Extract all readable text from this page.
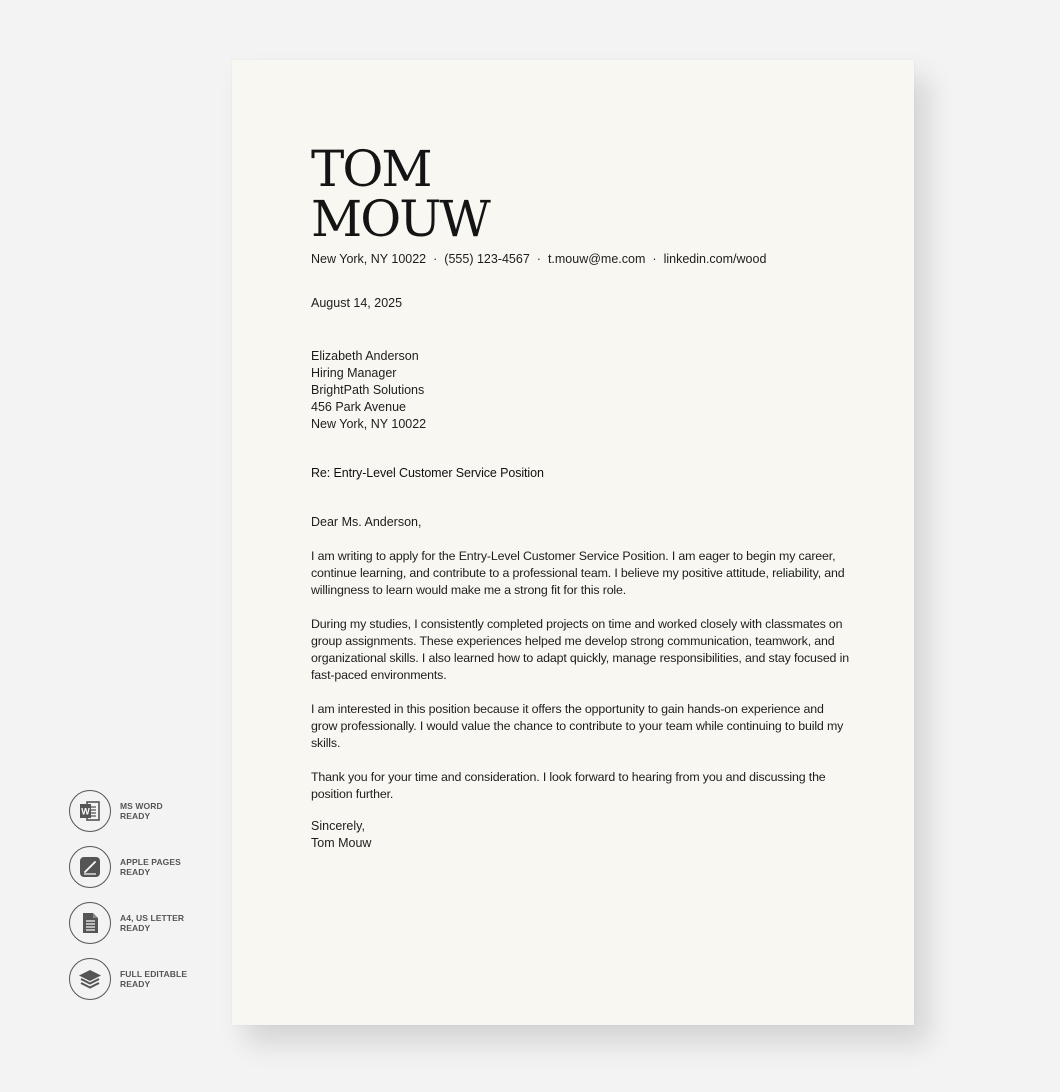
TOM
MOUW
New York, NY 10022 · (555) 123-4567 · t.mouw@me.com · linkedin.com/wood
August 14, 2025
Elizabeth Anderson
Hiring Manager
BrightPath Solutions
456 Park Avenue
New York, NY 10022
Re: Entry-Level Customer Service Position
Dear Ms. Anderson,

I am writing to apply for the Entry-Level Customer Service Position. I am eager to begin my career, continue learning, and contribute to a professional team. I believe my positive attitude, reliability, and willingness to learn would make me a strong fit for this role.

During my studies, I consistently completed projects on time and worked closely with classmates on group assignments. These experiences helped me develop strong communication, teamwork, and organizational skills. I also learned how to adapt quickly, manage responsibilities, and stay focused in fast-paced environments.

I am interested in this position because it offers the opportunity to gain hands-on experience and grow professionally. I would value the chance to contribute to your team while continuing to build my skills.

Thank you for your time and consideration. I look forward to hearing from you and discussing the position further.

Sincerely,
Tom Mouw
W
MS WORD
READY
APPLE PAGES
READY
A4, US LETTER
READY
FULL EDITABLE
READY
